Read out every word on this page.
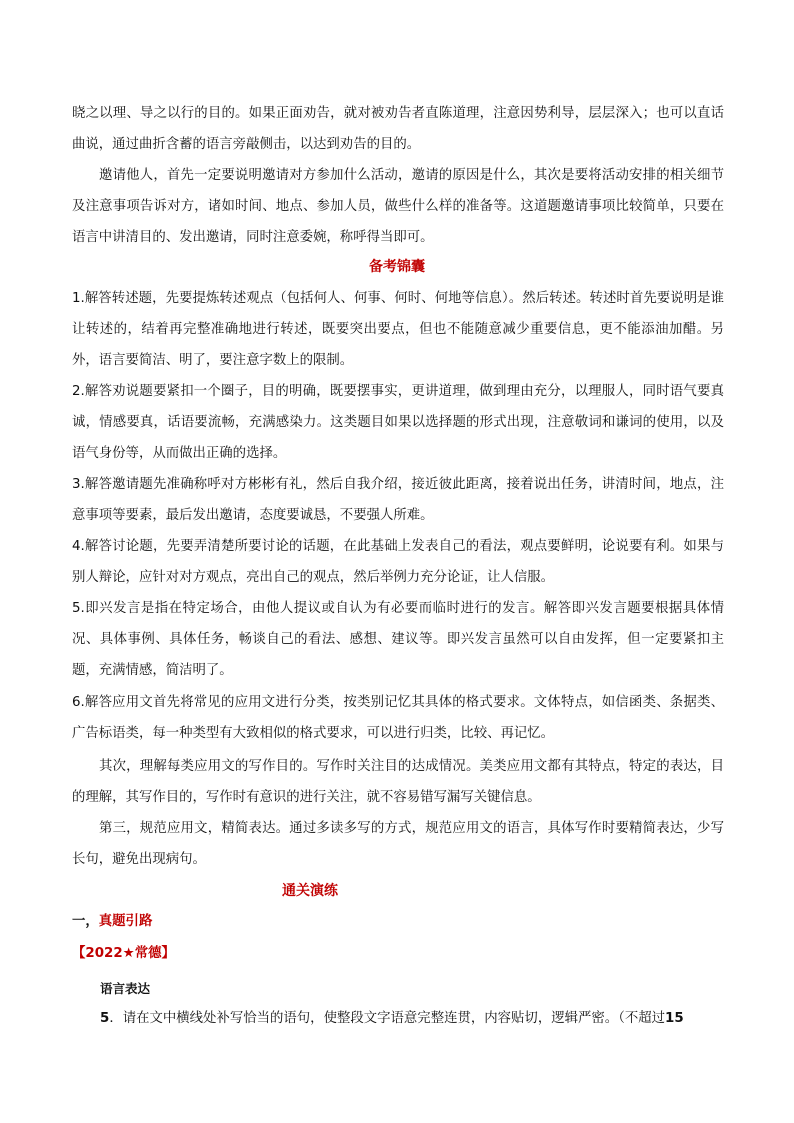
晓之以理、导之以行的目的。如果正面劝告，就对被劝告者直陈道理，注意因势利导，层层深入；也可以直话曲说，通过曲折含蓄的语言旁敲侧击，以达到劝告的目的。

邀请他人，首先一定要说明邀请对方参加什么活动，邀请的原因是什么，其次是要将活动安排的相关细节及注意事项告诉对方，诸如时间、地点、参加人员，做些什么样的准备等。这道题邀请事项比较简单，只要在语言中讲清目的、发出邀请，同时注意委婉，称呼得当即可。

备考锦囊

1.解答转述题，先要提炼转述观点（包括何人、何事、何时、何地等信息）。然后转述。转述时首先要说明是谁让转述的，结着再完整准确地进行转述，既要突出要点，但也不能随意减少重要信息，更不能添油加醋。另外，语言要简洁、明了，要注意字数上的限制。

2.解答劝说题要紧扣一个圈子，目的明确，既要摆事实，更讲道理，做到理由充分，以理服人，同时语气要真诚，情感要真，话语要流畅，充满感染力。这类题目如果以选择题的形式出现，注意敬词和谦词的使用，以及语气身份等，从而做出正确的选择。

3.解答邀请题先准确称呼对方彬彬有礼，然后自我介绍，接近彼此距离，接着说出任务，讲清时间，地点，注意事项等要素，最后发出邀请，态度要诚恳，不要强人所难。

4.解答讨论题，先要弄清楚所要讨论的话题，在此基础上发表自己的看法，观点要鲜明，论说要有利。如果与别人辩论，应针对对方观点，亮出自己的观点，然后举例力充分论证，让人信服。

5.即兴发言是指在特定场合，由他人提议或自认为有必要而临时进行的发言。解答即兴发言题要根据具体情况、具体事例、具体任务，畅谈自己的看法、感想、建议等。即兴发言虽然可以自由发挥，但一定要紧扣主题，充满情感，简洁明了。

6.解答应用文首先将常见的应用文进行分类，按类别记忆其具体的格式要求。文体特点，如信函类、条据类、广告标语类，每一种类型有大致相似的格式要求，可以进行归类，比较、再记忆。

其次，理解每类应用文的写作目的。写作时关注目的达成情况。美类应用文都有其特点，特定的表达，目的理解，其写作目的，写作时有意识的进行关注，就不容易错写漏写关键信息。

第三，规范应用文，精简表达。通过多读多写的方式，规范应用文的语言，具体写作时要精简表达，少写长句，避免出现病句。

通关演练

一，真题引路

【2022★常德】

语言表达

5．请在文中横线处补写恰当的语句，使整段文字语意完整连贯，内容贴切，逻辑严密。（不超过15
